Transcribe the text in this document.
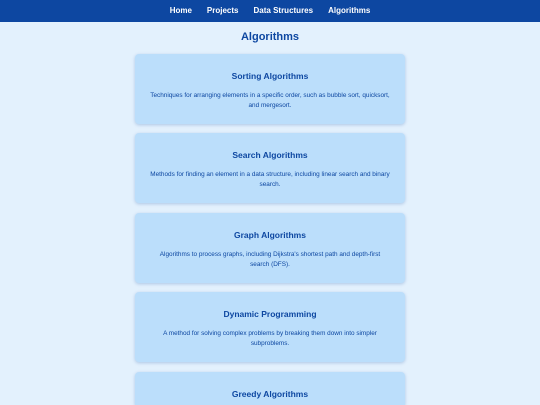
Home	Projects	Data Structures	Algorithms
Algorithms
Sorting Algorithms

Techniques for arranging elements in a specific order, such as bubble sort, quicksort, and mergesort.

Search Algorithms

Methods for finding an element in a data structure, including linear search and binary search.

Graph Algorithms

Algorithms to process graphs, including Dijkstra's shortest path and depth-first search (DFS).

Dynamic Programming

A method for solving complex problems by breaking them down into simpler subproblems.

Greedy Algorithms
